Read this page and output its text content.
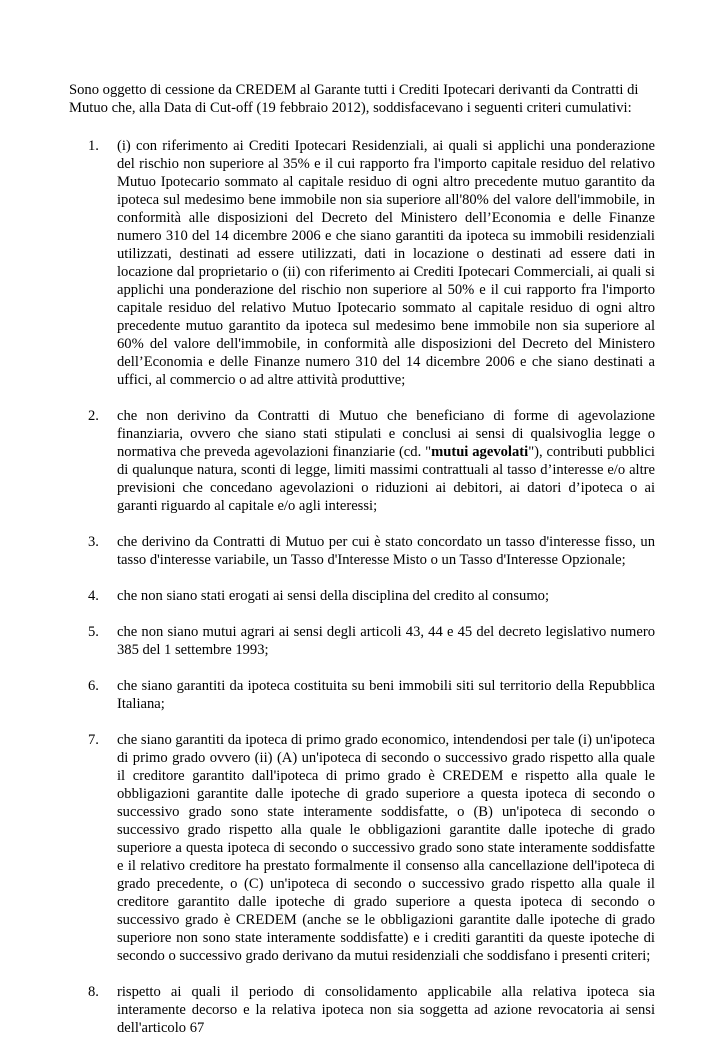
Sono oggetto di cessione da CREDEM al Garante tutti i Crediti Ipotecari derivanti da Contratti di Mutuo che, alla Data di Cut-off (19 febbraio 2012), soddisfacevano i seguenti criteri cumulativi:

1. (i) con riferimento ai Crediti Ipotecari Residenziali, ai quali si applichi una ponderazione del rischio non superiore al 35% e il cui rapporto fra l'importo capitale residuo del relativo Mutuo Ipotecario sommato al capitale residuo di ogni altro precedente mutuo garantito da ipoteca sul medesimo bene immobile non sia superiore all'80% del valore dell'immobile, in conformità alle disposizioni del Decreto del Ministero dell’Economia e delle Finanze numero 310 del 14 dicembre 2006 e che siano garantiti da ipoteca su immobili residenziali utilizzati, destinati ad essere utilizzati, dati in locazione o destinati ad essere dati in locazione dal proprietario o (ii) con riferimento ai Crediti Ipotecari Commerciali, ai quali si applichi una ponderazione del rischio non superiore al 50% e il cui rapporto fra l'importo capitale residuo del relativo Mutuo Ipotecario sommato al capitale residuo di ogni altro precedente mutuo garantito da ipoteca sul medesimo bene immobile non sia superiore al 60% del valore dell'immobile, in conformità alle disposizioni del Decreto del Ministero dell’Economia e delle Finanze numero 310 del 14 dicembre 2006 e che siano destinati a uffici, al commercio o ad altre attività produttive;
2. che non derivino da Contratti di Mutuo che beneficiano di forme di agevolazione finanziaria, ovvero che siano stati stipulati e conclusi ai sensi di qualsivoglia legge o normativa che preveda agevolazioni finanziarie (cd. "mutui agevolati"), contributi pubblici di qualunque natura, sconti di legge, limiti massimi contrattuali al tasso d’interesse e/o altre previsioni che concedano agevolazioni o riduzioni ai debitori, ai datori d’ipoteca o ai garanti riguardo al capitale e/o agli interessi;
3. che derivino da Contratti di Mutuo per cui è stato concordato un tasso d'interesse fisso, un tasso d'interesse variabile, un Tasso d'Interesse Misto o un Tasso d'Interesse Opzionale;
4. che non siano stati erogati ai sensi della disciplina del credito al consumo;
5. che non siano mutui agrari ai sensi degli articoli 43, 44 e 45 del decreto legislativo numero 385 del 1 settembre 1993;
6. che siano garantiti da ipoteca costituita su beni immobili siti sul territorio della Repubblica Italiana;
7. che siano garantiti da ipoteca di primo grado economico, intendendosi per tale (i) un'ipoteca di primo grado ovvero (ii) (A) un'ipoteca di secondo o successivo grado rispetto alla quale il creditore garantito dall'ipoteca di primo grado è CREDEM e rispetto alla quale le obbligazioni garantite dalle ipoteche di grado superiore a questa ipoteca di secondo o successivo grado sono state interamente soddisfatte, o (B) un'ipoteca di secondo o successivo grado rispetto alla quale le obbligazioni garantite dalle ipoteche di grado superiore a questa ipoteca di secondo o successivo grado sono state interamente soddisfatte e il relativo creditore ha prestato formalmente il consenso alla cancellazione dell'ipoteca di grado precedente, o (C) un'ipoteca di secondo o successivo grado rispetto alla quale il creditore garantito dalle ipoteche di grado superiore a questa ipoteca di secondo o successivo grado è CREDEM (anche se le obbligazioni garantite dalle ipoteche di grado superiore non sono state interamente soddisfatte) e i crediti garantiti da queste ipoteche di secondo o successivo grado derivano da mutui residenziali che soddisfano i presenti criteri;
8. rispetto ai quali il periodo di consolidamento applicabile alla relativa ipoteca sia interamente decorso e la relativa ipoteca non sia soggetta ad azione revocatoria ai sensi dell'articolo 67
